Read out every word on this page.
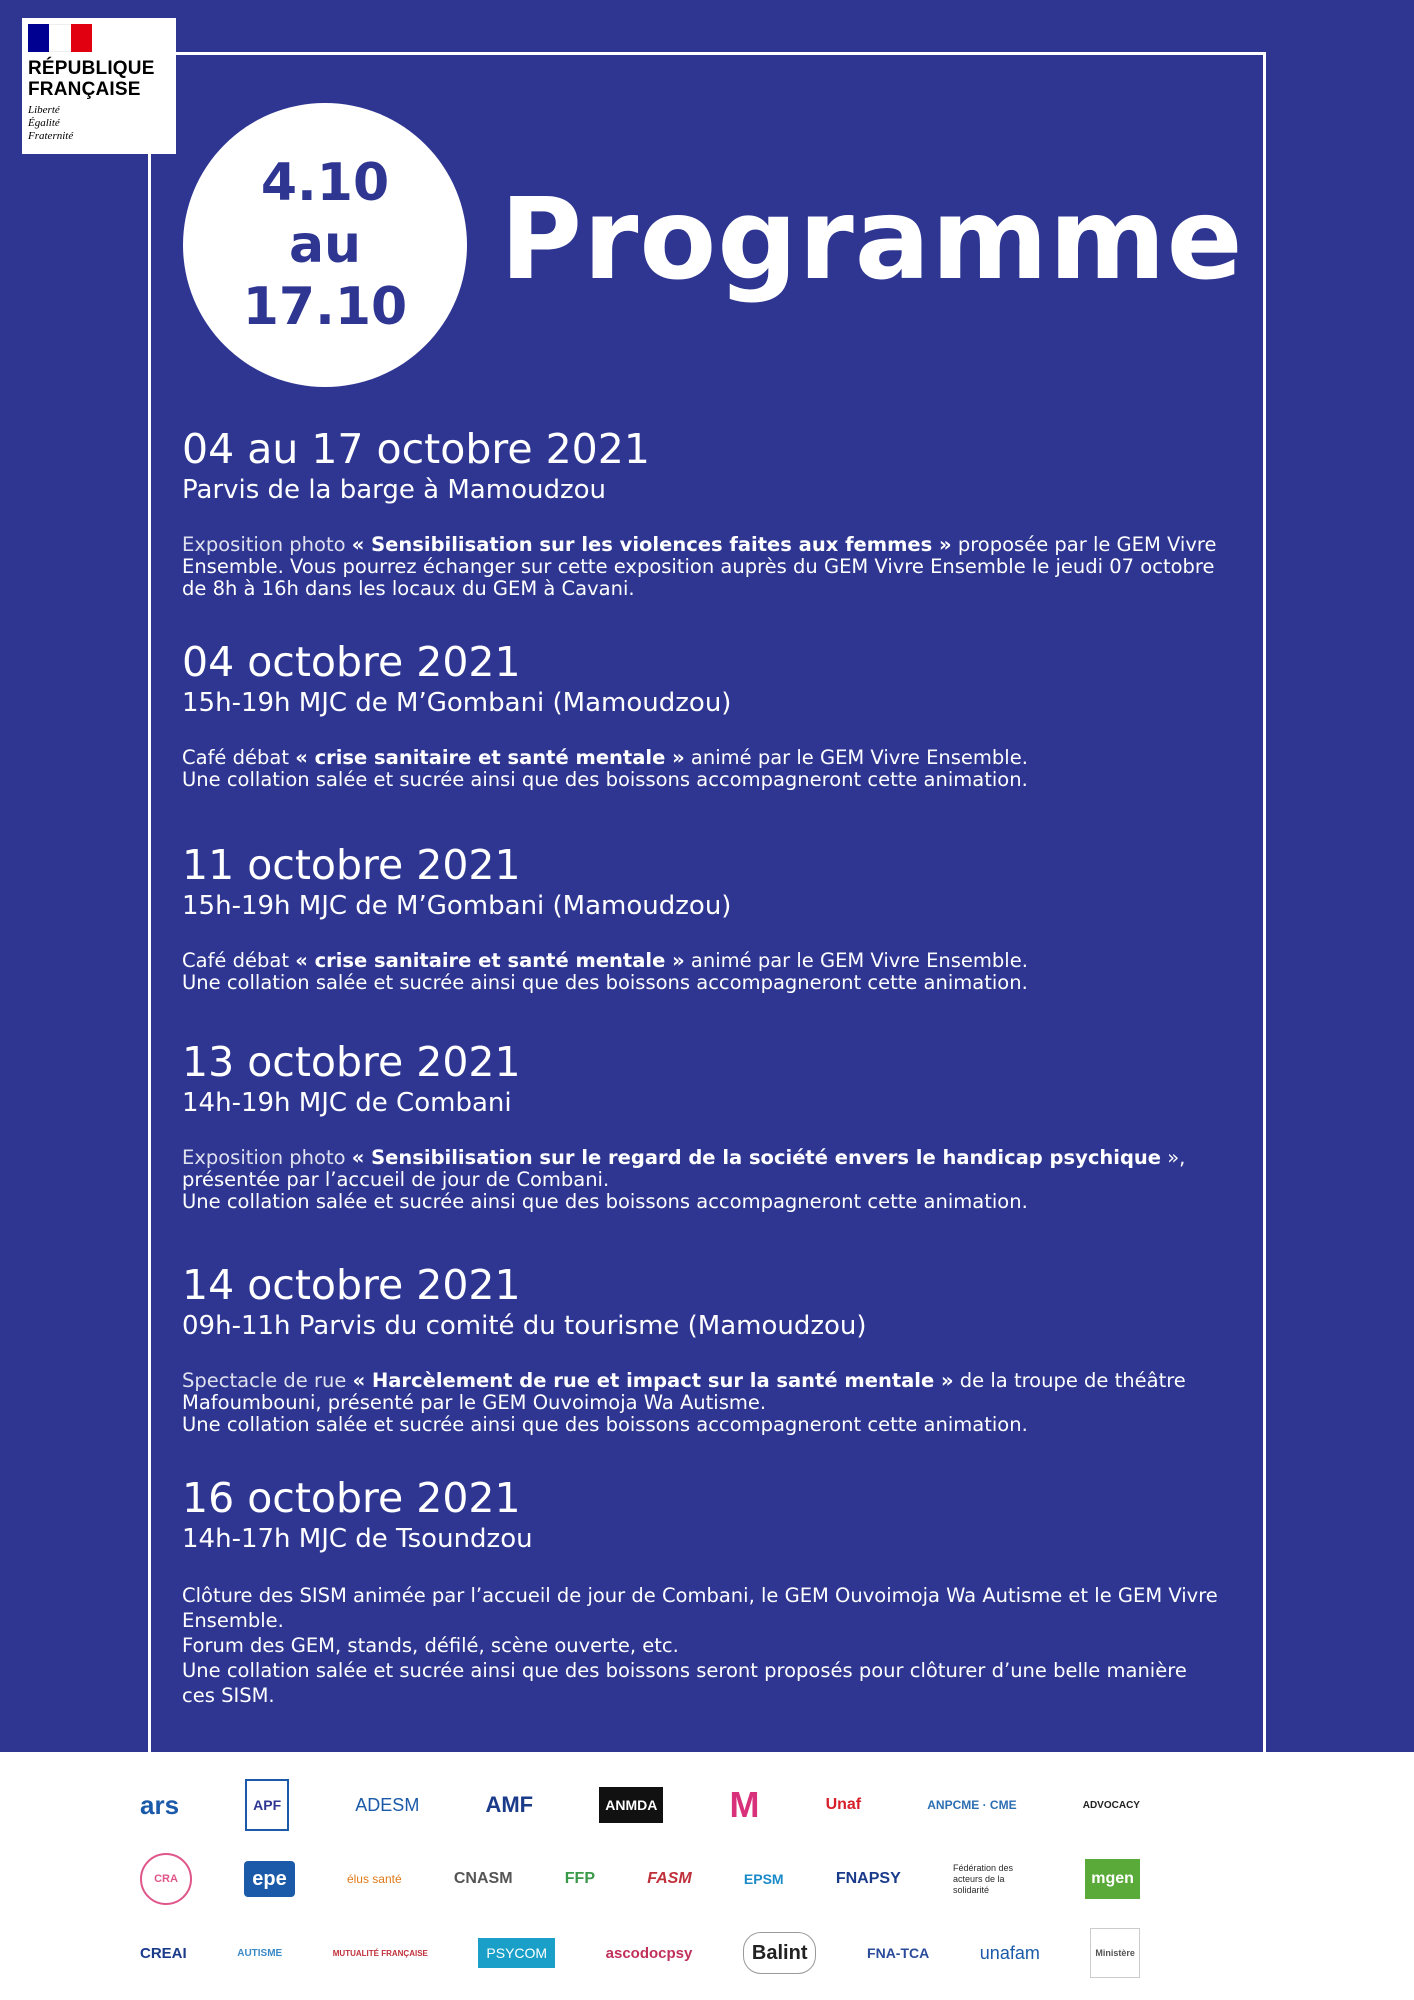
RÉPUBLIQUE
FRANÇAISE
Liberté
Égalité
Fraternité
4.10
au
17.10
Programme
04 au 17 octobre 2021
Parvis de la barge à Mamoudzou

Exposition photo « Sensibilisation sur les violences faites aux femmes » proposée par le GEM Vivre Ensemble. Vous pourrez échanger sur cette exposition auprès du GEM Vivre Ensemble le jeudi 07 octobre de 8h à 16h dans les locaux du GEM à Cavani.

04 octobre 2021
15h-19h MJC de M’Gombani (Mamoudzou)

Café débat « crise sanitaire et santé mentale » animé par le GEM Vivre Ensemble.

Une collation salée et sucrée ainsi que des boissons accompagneront cette animation.

11 octobre 2021
15h-19h MJC de M’Gombani (Mamoudzou)

Café débat « crise sanitaire et santé mentale » animé par le GEM Vivre Ensemble.

Une collation salée et sucrée ainsi que des boissons accompagneront cette animation.

13 octobre 2021
14h-19h MJC de Combani

Exposition photo « Sensibilisation sur le regard de la société envers le handicap psychique », présentée par l’accueil de jour de Combani.

Une collation salée et sucrée ainsi que des boissons accompagneront cette animation.

14 octobre 2021
09h-11h Parvis du comité du tourisme (Mamoudzou)

Spectacle de rue « Harcèlement de rue et impact sur la santé mentale » de la troupe de théâtre Mafoumbouni, présenté par le GEM Ouvoimoja Wa Autisme.

Une collation salée et sucrée ainsi que des boissons accompagneront cette animation.

16 octobre 2021
14h-17h MJC de Tsoundzou

Clôture des SISM animée par l’accueil de jour de Combani, le GEM Ouvoimoja Wa Autisme et le GEM Vivre Ensemble.

Forum des GEM, stands, défilé, scène ouverte, etc.

Une collation salée et sucrée ainsi que des boissons seront proposés pour clôturer d’une belle manière ces SISM.

ars	APF	ADESM	AMF	ANMDA M	Unaf	ANPCME · CME	ADVOCACY
CRA	epe	élus santé	CNASM	FFP	FASM	EPSM	FNAPSY
Fédération des acteurs de la solidarité
mgen
CREAI	AUTISME	MUTUALITÉ FRANÇAISE	PSYCOM	ascodocpsy	Balint	FNA-TCA	unafam	Ministère
